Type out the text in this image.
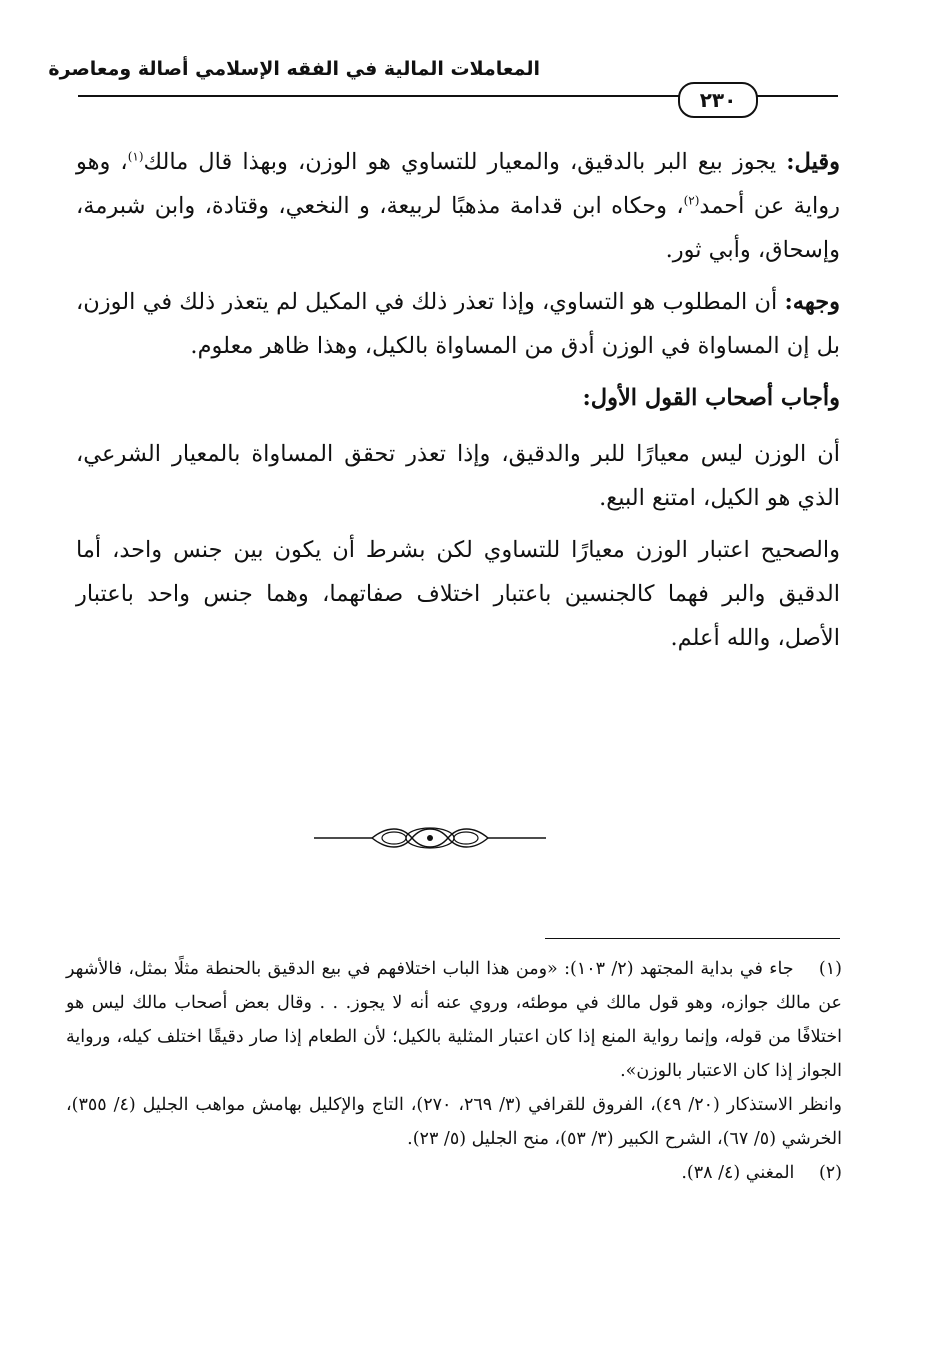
المعاملات المالية في الفقه الإسلامي أصالة ومعاصرة
٢٣٠

وقيل: يجوز بيع البر بالدقيق، والمعيار للتساوي هو الوزن، وبهذا قال مالك$^{(١)}$، وهو رواية عن أحمد$^{(٢)}$، وحكاه ابن قدامة مذهبًا لربيعة، و النخعي، وقتادة، وابن شبرمة، وإسحاق، وأبي ثور.

وجهه: أن المطلوب هو التساوي، وإذا تعذر ذلك في المكيل لم يتعذر ذلك في الوزن، بل إن المساواة في الوزن أدق من المساواة بالكيل، وهذا ظاهر معلوم.

وأجاب أصحاب القول الأول:

أن الوزن ليس معيارًا للبر والدقيق، وإذا تعذر تحقق المساواة بالمعيار الشرعي، الذي هو الكيل، امتنع البيع.

والصحيح اعتبار الوزن معيارًا للتساوي لكن بشرط أن يكون بين جنس واحد، أما الدقيق والبر فهما كالجنسين باعتبار اختلاف صفاتهما، وهما جنس واحد باعتبار الأصل، والله أعلم.

(١) جاء في بداية المجتهد (٢/ ١٠٣): «ومن هذا الباب اختلافهم في بيع الدقيق بالحنطة مثلًا بمثل، فالأشهر عن مالك جوازه، وهو قول مالك في موطئه، وروي عنه أنه لا يجوز. . . وقال بعض أصحاب مالك ليس هو اختلافًا من قوله، وإنما رواية المنع إذا كان اعتبار المثلية بالكيل؛ لأن الطعام إذا صار دقيقًا اختلف كيله، ورواية الجواز إذا كان الاعتبار بالوزن».

وانظر الاستذكار (٢٠/ ٤٩)، الفروق للقرافي (٣/ ٢٦٩، ٢٧٠)، التاج والإكليل بهامش مواهب الجليل (٤/ ٣٥٥)، الخرشي (٥/ ٦٧)، الشرح الكبير (٣/ ٥٣)، منح الجليل (٥/ ٢٣).

(٢) المغني (٤/ ٣٨).
